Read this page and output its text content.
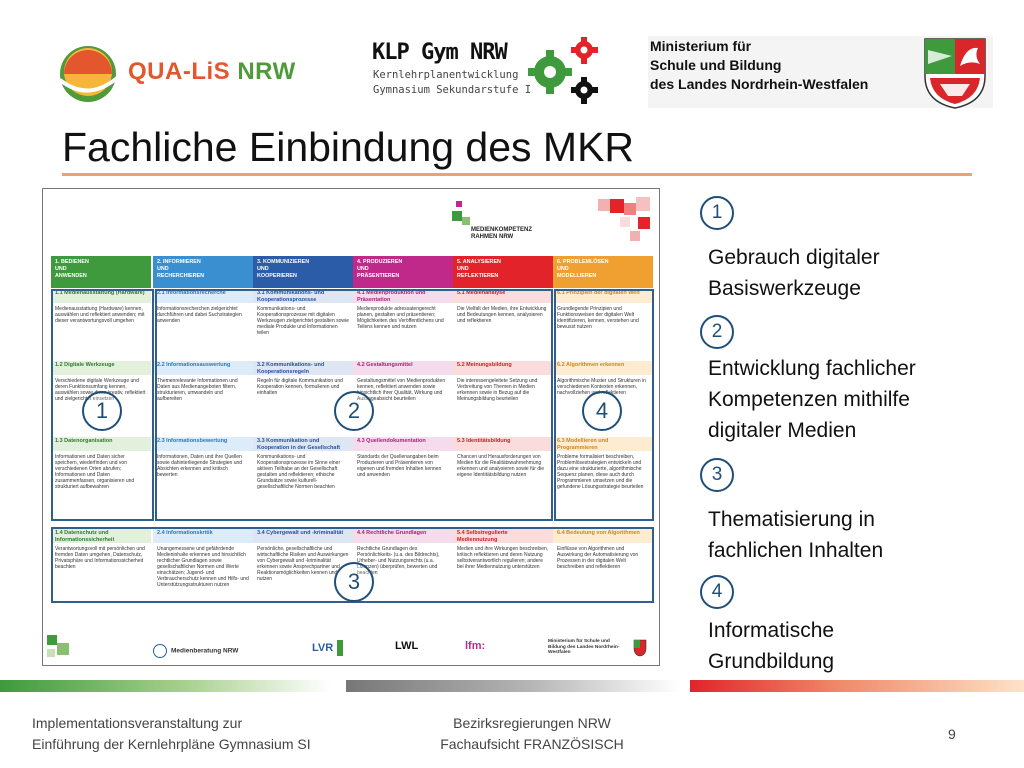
QUA-LiS NRW
KLP Gym NRW
Kernlehrplanentwicklung
Gymnasium Sekundarstufe I
Ministerium für
Schule und Bildung
des Landes Nordrhein-Westfalen
Fachliche Einbindung des MKR
MEDIENKOMPETENZ
RAHMEN NRW
1. BEDIENEN
UND
ANWENDEN
2. INFORMIEREN
UND
RECHERCHIEREN
3. KOMMUNIZIEREN
UND
KOOPERIEREN
4. PRODUZIEREN
UND
PRÄSENTIEREN
5. ANALYSIEREN
UND
REFLEKTIEREN
6. PROBLEMLÖSEN
UND
MODELLIEREN
1.1 Medienausstattung (Hardware)
Medienausstattung (Hardware) kennen, auswählen und reflektiert anwenden; mit dieser verantwortungsvoll umgehen
2.1 Informationsrecherche
Informationsrecherchen zielgerichtet durchführen und dabei Suchstrategien anwenden
3.1 Kommunikations- und Kooperationsprozesse
Kommunikations- und Kooperationsprozesse mit digitalen Werkzeugen zielgerichtet gestalten sowie mediale Produkte und Informationen teilen
4.1 Medienproduktion und Präsentation
Medienprodukte adressatengerecht planen, gestalten und präsentieren; Möglichkeiten des Veröffentlichens und Teilens kennen und nutzen
5.1 Medienanalyse
Die Vielfalt der Medien, ihre Entwicklung und Bedeutungen kennen, analysieren und reflektieren
6.1 Prinzipien der digitalen Welt
Grundlegende Prinzipien und Funktionsweisen der digitalen Welt identifizieren, kennen, verstehen und bewusst nutzen
1.2 Digitale Werkzeuge
Verschiedene digitale Werkzeuge und deren Funktionsumfang kennen, auswählen sowie diese kreativ, reflektiert und zielgerichtet einsetzen
2.2 Informationsauswertung
Themenrelevante Informationen und Daten aus Medienangeboten filtern, strukturieren, umwandeln und aufbereiten
3.2 Kommunikations- und Kooperationsregeln
Regeln für digitale Kommunikation und Kooperation kennen, formulieren und einhalten
4.2 Gestaltungsmittel
Gestaltungsmittel von Medienprodukten kennen, reflektiert anwenden sowie hinsichtlich ihrer Qualität, Wirkung und Aussageabsicht beurteilen
5.2 Meinungsbildung
Die interessengeleitete Setzung und Verbreitung von Themen in Medien erkennen sowie in Bezug auf die Meinungsbildung beurteilen
6.2 Algorithmen erkennen
Algorithmische Muster und Strukturen in verschiedenen Kontexten erkennen, nachvollziehen und reflektieren
1.3 Datenorganisation
Informationen und Daten sicher speichern, wiederfinden und von verschiedenen Orten abrufen; Informationen und Daten zusammenfassen, organisieren und strukturiert aufbewahren
2.3 Informationsbewertung
Informationen, Daten und ihre Quellen sowie dahinterliegende Strategien und Absichten erkennen und kritisch bewerten
3.3 Kommunikation und Kooperation in der Gesellschaft
Kommunikations- und Kooperationsprozesse im Sinne einer aktiven Teilhabe an der Gesellschaft gestalten und reflektieren; ethische Grundsätze sowie kulturell-gesellschaftliche Normen beachten
4.3 Quellendokumentation
Standards der Quellenangaben beim Produzieren und Präsentieren von eigenen und fremden Inhalten kennen und anwenden
5.3 Identitätsbildung
Chancen und Herausforderungen von Medien für die Realitätswahrnehmung erkennen und analysieren sowie für die eigene Identitätsbildung nutzen
6.3 Modellieren und Programmieren
Probleme formalisiert beschreiben, Problemlösestrategien entwickeln und dazu eine strukturierte, algorithmische Sequenz planen, diese auch durch Programmieren umsetzen und die gefundene Lösungsstrategie beurteilen
1.4 Datenschutz und Informationssicherheit
Verantwortungsvoll mit persönlichen und fremden Daten umgehen, Datenschutz, Privatsphäre und Informationssicherheit beachten
2.4 Informationskritik
Unangemessene und gefährdende Medieninhalte erkennen und hinsichtlich rechtlicher Grundlagen sowie gesellschaftlicher Normen und Werte einschätzen; Jugend- und Verbraucherschutz kennen und Hilfs- und Unterstützungsstrukturen nutzen
3.4 Cybergewalt und -kriminalität
Persönliche, gesellschaftliche und wirtschaftliche Risiken und Auswirkungen von Cybergewalt und -kriminalität erkennen sowie Ansprechpartner und Reaktionsmöglichkeiten kennen und nutzen
4.4 Rechtliche Grundlagen
Rechtliche Grundlagen des Persönlichkeits- (u.a. des Bildrechts), Urheber- und Nutzungsrechts (u.a. Lizenzen) überprüfen, bewerten und beachten
5.4 Selbstregulierte Mediennutzung
Medien und ihre Wirkungen beschreiben, kritisch reflektieren und deren Nutzung selbstverantwortlich regulieren; andere bei ihrer Mediennutzung unterstützen
6.4 Bedeutung von Algorithmen
Einflüsse von Algorithmen und Auswirkung der Automatisierung von Prozessen in der digitalen Welt beschreiben und reflektieren
1	2
3
4
Medienberatung NRW	LVR	LWL	lfm:	Ministerium für Schule und Bildung des Landes Nordrhein-Westfalen
1
Gebrauch digitaler
Basiswerkzeuge
2
Entwicklung fachlicher
Kompetenzen mithilfe
digitaler Medien
3
Thematisierung in
fachlichen Inhalten
4
Informatische
Grundbildung
Implementationsveranstaltung zur
Einführung der Kernlehrpläne Gymnasium SI
Bezirksregierungen NRW
Fachaufsicht FRANZÖSISCH
9
